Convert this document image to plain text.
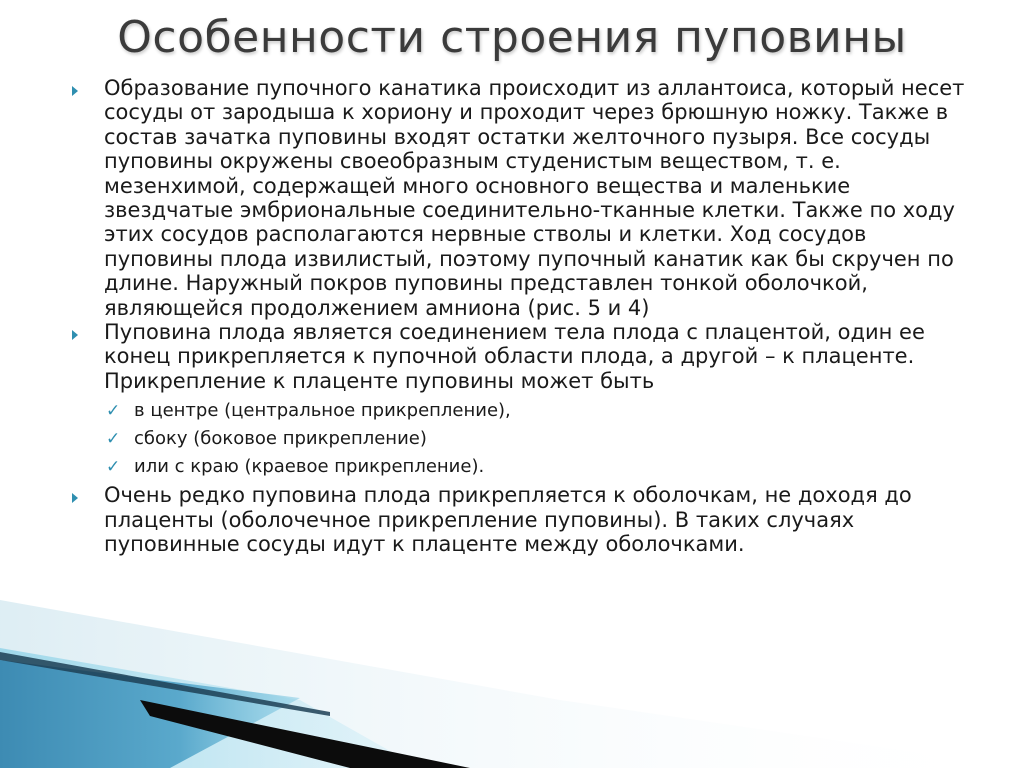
Особенности строения пуповины
Образование пупочного канатика происходит из аллантоиса, который несет сосуды от зародыша к хориону и проходит через брюшную ножку. Также в состав зачатка пуповины входят остатки желточного пузыря. Все сосуды пуповины окружены своеобразным студенистым веществом, т. е. мезенхимой, содержащей много основного вещества и маленькие звездчатые эмбриональные соединительно-тканные клетки. Также по ходу этих сосудов располагаются нервные стволы и клетки. Ход сосудов пуповины плода извилистый, поэтому пупочный канатик как бы скручен по длине. Наружный покров пуповины представлен тонкой оболочкой, являющейся продолжением амниона (рис. 5 и 4)
Пуповина плода является соединением тела плода с плацентой, один ее конец прикрепляется к пупочной области плода, а другой – к плаценте. Прикрепление к плаценте пуповины может быть
✓ в центре (центральное прикрепление),
✓ сбоку (боковое прикрепление)
✓ или с краю (краевое прикрепление).
Очень редко пуповина плода прикрепляется к оболочкам, не доходя до плаценты (оболочечное прикрепление пуповины). В таких случаях пуповинные сосуды идут к плаценте между оболочками.
